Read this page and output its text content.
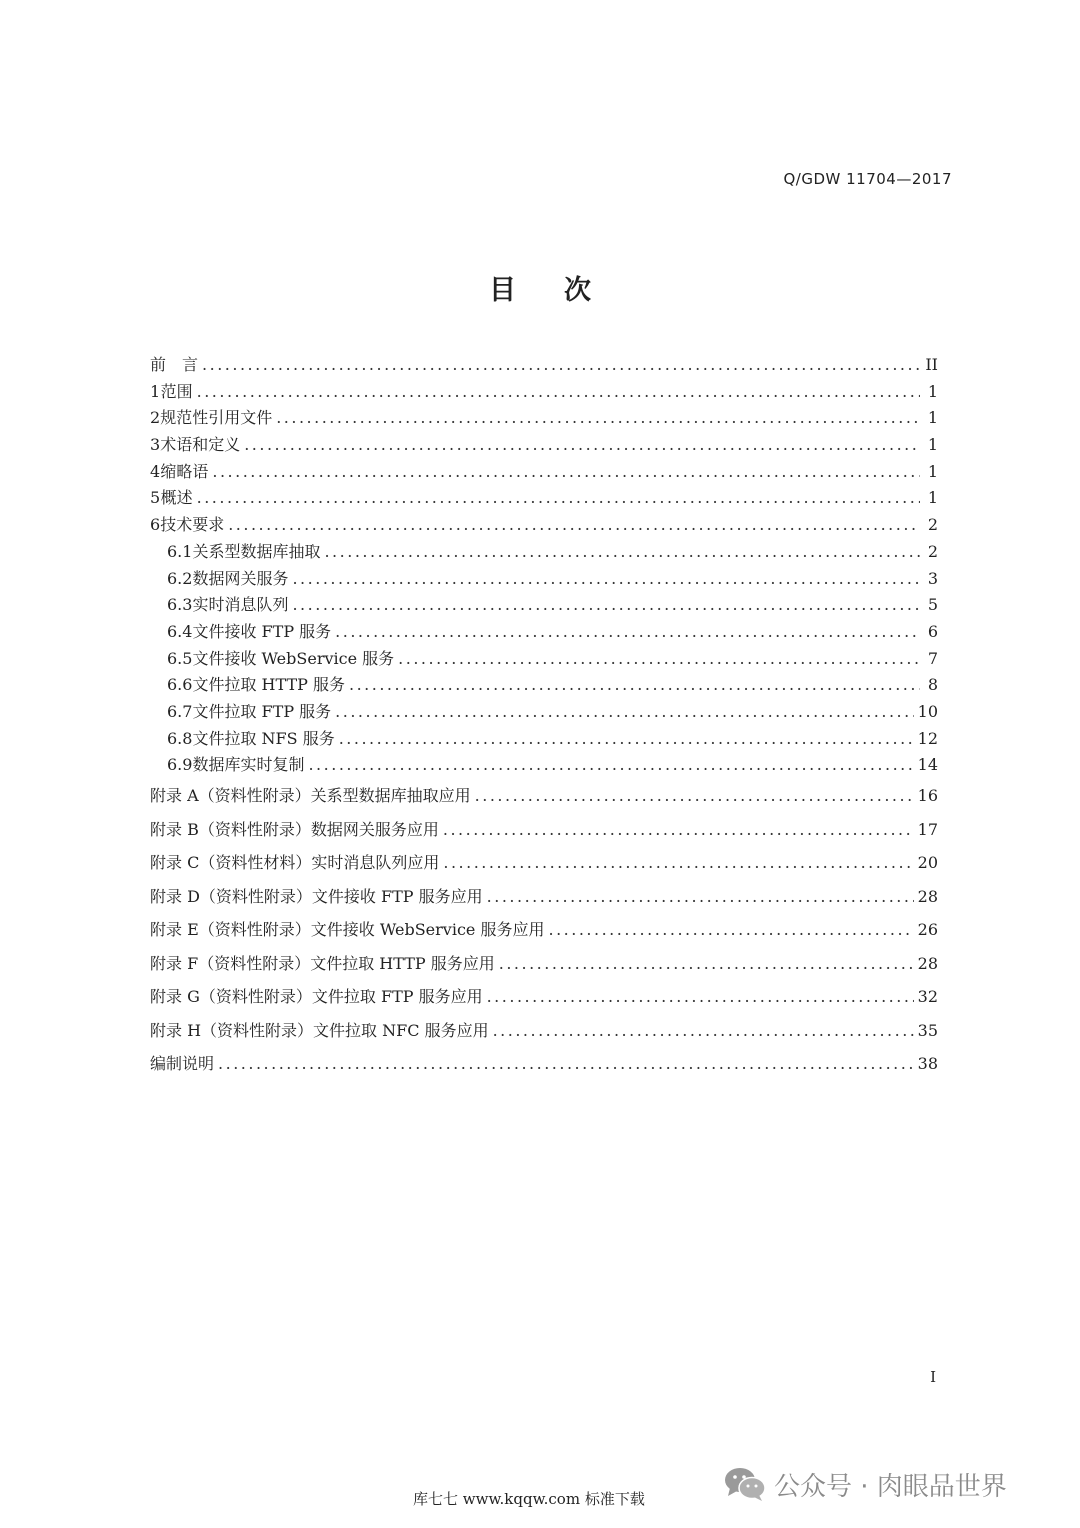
Q/GDW 11704—2017
目 次
前　言 .....	II
1 范围 .....	1
2 规范性引用文件 .....	1
3 术语和定义 .....	1
4 缩略语 .....	1
5 概述 .....	1
6 技术要求 .....	2
6.1 关系型数据库抽取 .....	2
6.2 数据网关服务 .....	3
6.3 实时消息队列 .....	5
6.4 文件接收 FTP 服务 .....	6
6.5 文件接收 WebService 服务 .....	7
6.6 文件拉取 HTTP 服务 .....	8
6.7 文件拉取 FTP 服务 .....	10
6.8 文件拉取 NFS 服务 .....	12
6.9 数据库实时复制 .....	14
附录 A（资料性附录） 关系型数据库抽取应用 .....	16
附录 B（资料性附录） 数据网关服务应用 .....	17
附录 C（资料性材料） 实时消息队列应用 .....	20
附录 D（资料性附录） 文件接收 FTP 服务应用 .....	28
附录 E（资料性附录） 文件接收 WebService 服务应用 .....	26
附录 F（资料性附录） 文件拉取 HTTP 服务应用 .....	28
附录 G（资料性附录） 文件拉取 FTP 服务应用 .....	32
附录 H（资料性附录） 文件拉取 NFC 服务应用 .....	35
编制说明 .....	38
I
库七七 www.kqqw.com 标准下载	公众号 · 肉眼品世界
